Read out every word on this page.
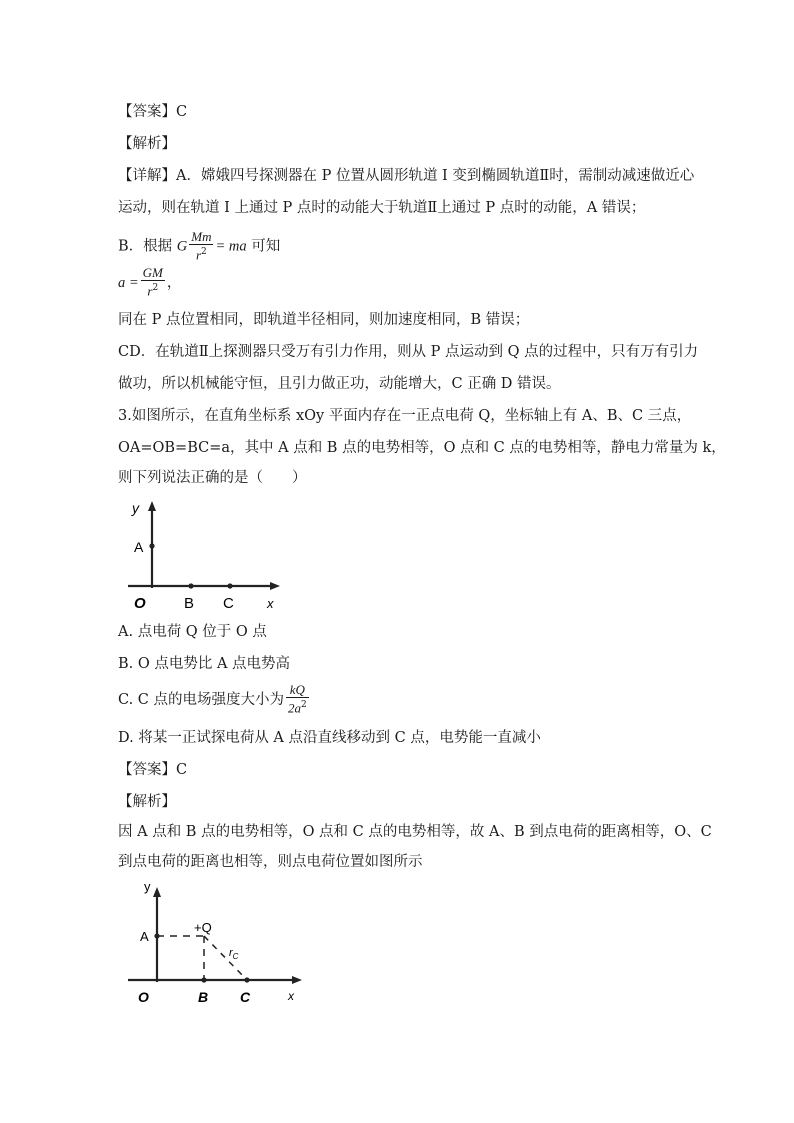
【答案】C
【解析】
【详解】A．嫦娥四号探测器在 P 位置从圆形轨道 I 变到椭圆轨道Ⅱ时，需制动减速做近心
运动，则在轨道 I 上通过 P 点时的动能大于轨道Ⅱ上通过 P 点时的动能，A 错误；
B．根据 G $\frac{Mm}{r^2}$ = ma 可知
$a = \frac{GM}{r^2}$ ，
同在 P 点位置相同，即轨道半径相同，则加速度相同，B 错误；
CD．在轨道Ⅱ上探测器只受万有引力作用，则从 P 点运动到 Q 点的过程中，只有万有引力
做功，所以机械能守恒，且引力做正功，动能增大，C 正确 D 错误。
3.如图所示，在直角坐标系 xOy 平面内存在一正点电荷 Q，坐标轴上有 A、B、C 三点，
OA=OB=BC=a，其中 A 点和 B 点的电势相等，O 点和 C 点的电势相等，静电力常量为 k，
则下列说法正确的是（　　）
y
A
O	B C	x
A. 点电荷 Q 位于 O 点
B. O 点电势比 A 点电势高
C. C 点的电场强度大小为 $\frac{kQ}{2a^2}$
D. 将某一正试探电荷从 A 点沿直线移动到 C 点，电势能一直减小
【答案】C
【解析】
因 A 点和 B 点的电势相等，O 点和 C 点的电势相等，故 A、B 到点电荷的距离相等，O、C
到点电荷的距离也相等，则点电荷位置如图所示
y
A
+Q
$r_C$
O	B C	x
